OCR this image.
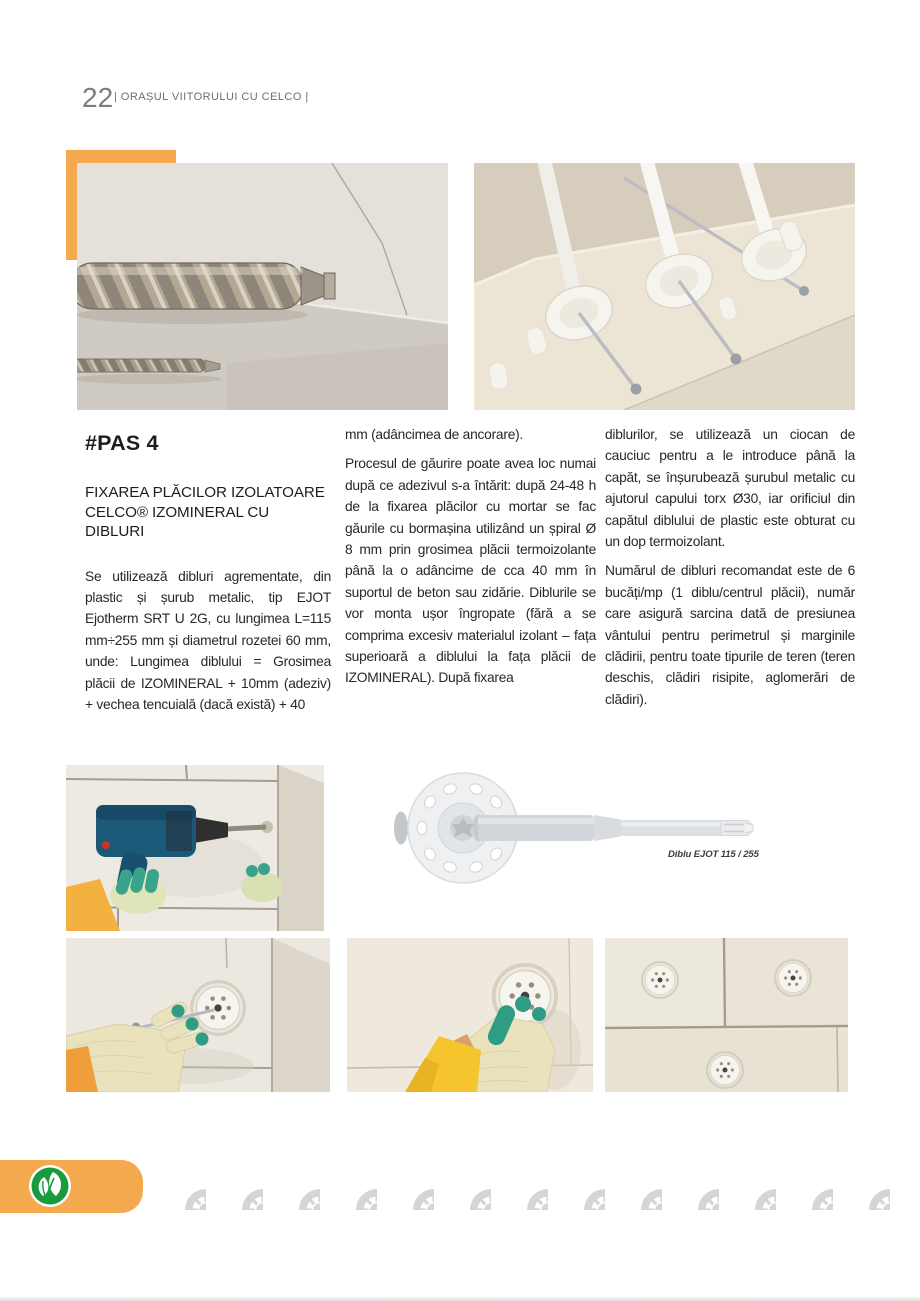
22 | ORAȘUL VIITORULUI CU CELCO |
#PAS 4
FIXAREA PLĂCILOR IZOLATOARE
CELCO® IZOMINERAL CU DIBLURI

Se utilizează dibluri agrementate, din plastic și șurub metalic, tip EJOT Ejotherm SRT U 2G, cu lungimea L=115 mm÷255 mm și diametrul rozetei 60 mm, unde: Lungimea diblului = Grosimea plăcii de IZOMINERAL + 10mm (adeziv) + vechea tencuială (dacă există) + 40

mm (adâncimea de ancorare).

Procesul de găurire poate avea loc numai după ce adezivul s-a întărit: după 24-48 h de la fixarea plăcilor cu mortar se fac găurile cu bormașina utilizând un șpiral Ø 8 mm prin grosimea plăcii termoizolante până la o adâncime de cca 40 mm în suportul de beton sau zidărie. Diblurile se vor monta ușor îngropate (fără a se comprima excesiv materialul izolant – fața superioară a diblului la fața plăcii de IZOMINERAL). După fixarea

diblurilor, se utilizează un ciocan de cauciuc pentru a le introduce până la capăt, se înșurubează șurubul metalic cu ajutorul capului torx Ø30, iar orificiul din capătul diblului de plastic este obturat cu un dop termoizolant.

Numărul de dibluri recomandat este de 6 bucăți/mp (1 diblu/centrul plăcii), număr care asigură sarcina dată de presiunea vântului pentru perimetrul și marginile clădirii, pentru toate tipurile de teren (teren deschis, clădiri risipite, aglomerări de clădiri).

Diblu EJOT 115 / 255
